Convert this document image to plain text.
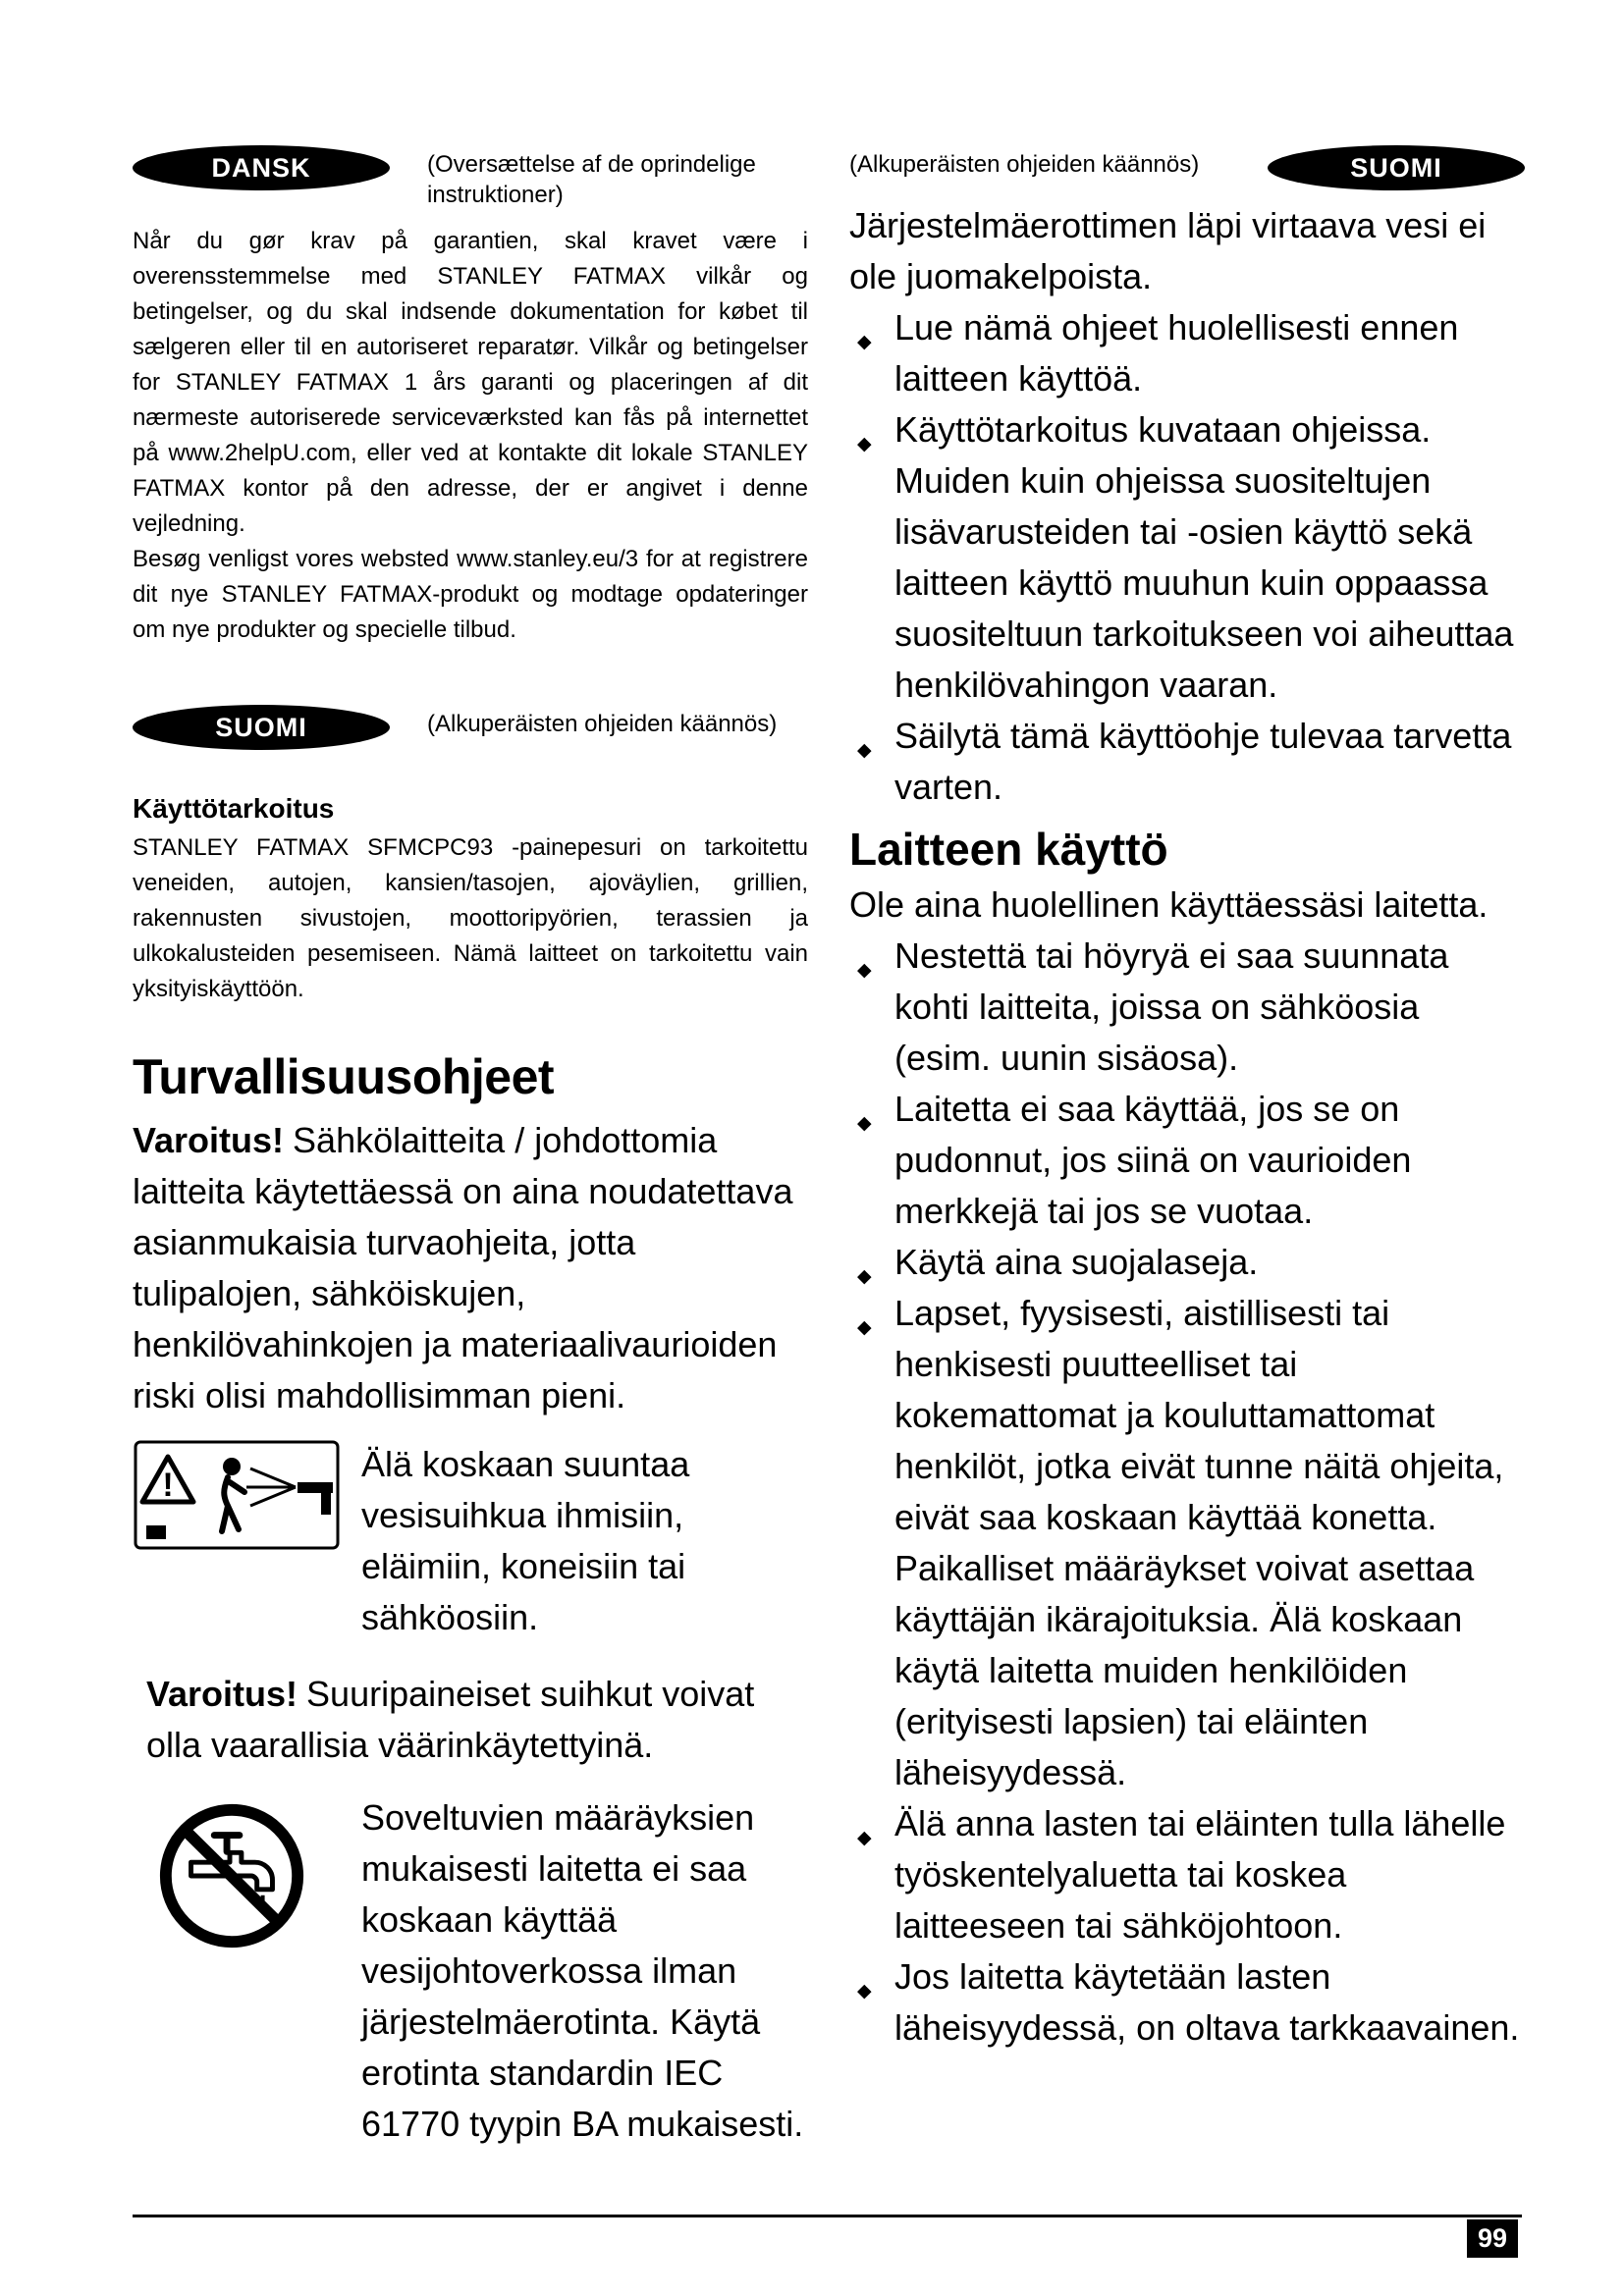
DANSK	(Oversættelse af de oprindelige instruktioner)

Når du gør krav på garantien, skal kravet være i overensstemmelse med STANLEY FATMAX vilkår og betingelser, og du skal indsende dokumentation for købet til sælgeren eller til en autoriseret reparatør. Vilkår og betingelser for STANLEY FATMAX 1 års garanti og placeringen af dit nærmeste autoriserede serviceværksted kan fås på internettet på www.2helpU.com, eller ved at kontakte dit lokale STANLEY FATMAX kontor på den adresse, der er angivet i denne vejledning.

Besøg venligst vores websted www.stanley.eu/3 for at registrere dit nye STANLEY FATMAX-produkt og modtage opdateringer om nye produkter og specielle tilbud.

SUOMI	(Alkuperäisten ohjeiden käännös)
Käyttötarkoitus

STANLEY FATMAX SFMCPC93 -painepesuri on tarkoitettu veneiden, autojen, kansien/tasojen, ajoväylien, grillien, rakennusten sivustojen, moottoripyörien, terassien ja ulkokalusteiden pesemiseen. Nämä laitteet on tarkoitettu vain yksityiskäyttöön.

Turvallisuusohjeet

Varoitus! Sähkölaitteita / johdottomia laitteita käytettäessä on aina noudatettava asianmukaisia turvaohjeita, jotta tulipalojen, sähköiskujen, henkilövahinkojen ja materiaalivaurioiden riski olisi mahdollisimman pieni.

!

Älä koskaan suuntaa vesisuihkua ihmisiin, eläimiin, koneisiin tai sähköosiin.

Varoitus! Suuripaineiset suihkut voivat olla vaarallisia väärinkäytettyinä.

Soveltuvien määräyksien mukaisesti laitetta ei saa koskaan käyttää vesijohtoverkossa ilman järjestelmäerotinta. Käytä erotinta standardin IEC 61770 tyypin BA mukaisesti.

(Alkuperäisten ohjeiden käännös)	SUOMI

Järjestelmäerottimen läpi virtaava vesi ei ole juomakelpoista.

◆ Lue nämä ohjeet huolellisesti ennen laitteen käyttöä.
◆ Käyttötarkoitus kuvataan ohjeissa. Muiden kuin ohjeissa suositeltujen lisävarusteiden tai -osien käyttö sekä laitteen käyttö muuhun kuin oppaassa suositeltuun tarkoitukseen voi aiheuttaa henkilövahingon vaaran.
◆ Säilytä tämä käyttöohje tulevaa tarvetta varten.
Laitteen käyttö

Ole aina huolellinen käyttäessäsi laitetta.

◆ Nestettä tai höyryä ei saa suunnata kohti laitteita, joissa on sähköosia (esim. uunin sisäosa).
◆ Laitetta ei saa käyttää, jos se on pudonnut, jos siinä on vaurioiden merkkejä tai jos se vuotaa.
◆ Käytä aina suojalaseja.
◆ Lapset, fyysisesti, aistillisesti tai henkisesti puutteelliset tai kokemattomat ja kouluttamattomat henkilöt, jotka eivät tunne näitä ohjeita, eivät saa koskaan käyttää konetta. Paikalliset määräykset voivat asettaa käyttäjän ikärajoituksia. Älä koskaan käytä laitetta muiden henkilöiden (erityisesti lapsien) tai eläinten läheisyydessä.
◆ Älä anna lasten tai eläinten tulla lähelle työskentelyaluetta tai koskea laitteeseen tai sähköjohtoon.
◆ Jos laitetta käytetään lasten läheisyydessä, on oltava tarkkaavainen.
99
